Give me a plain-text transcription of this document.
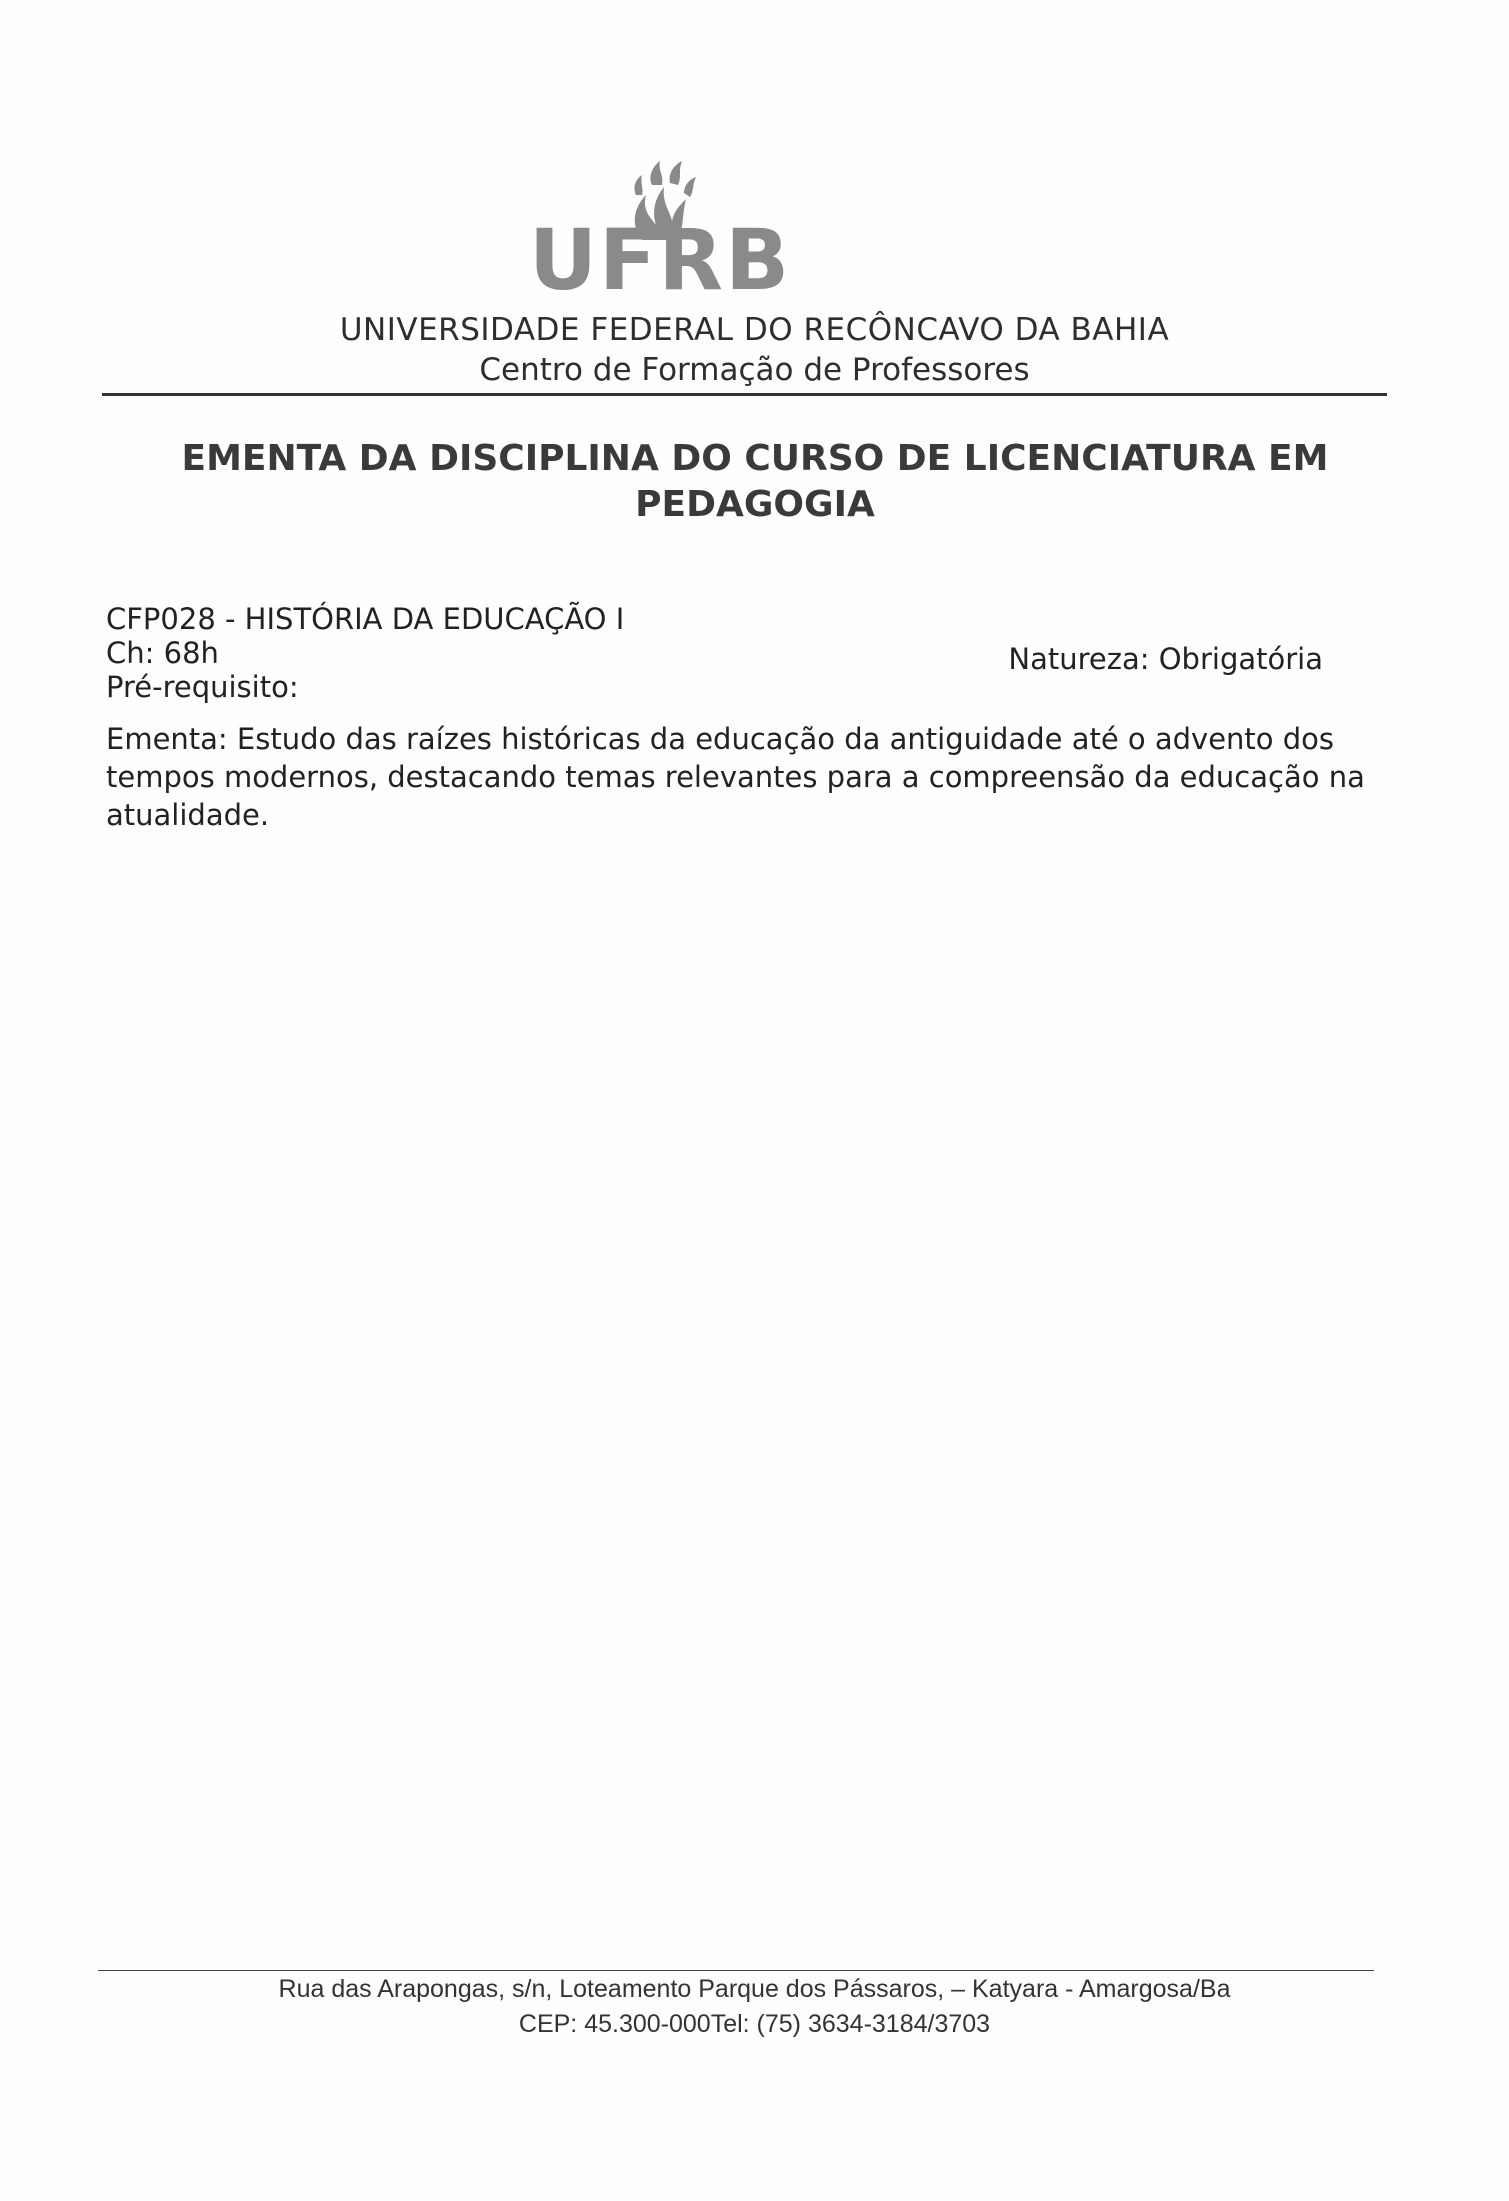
UFRB
UNIVERSIDADE FEDERAL DO RECÔNCAVO DA BAHIA
Centro de Formação de Professores
EMENTA DA DISCIPLINA DO CURSO DE LICENCIATURA EM
PEDAGOGIA
CFP028 - HISTÓRIA DA EDUCAÇÃO I
Ch: 68h	Natureza: Obrigatória
Pré-requisito:
Ementa: Estudo das raízes históricas da educação da antiguidade até o advento dos tempos modernos, destacando temas relevantes para a compreensão da educação na atualidade.
Rua das Arapongas, s/n, Loteamento Parque dos Pássaros, – Katyara - Amargosa/Ba
CEP: 45.300-000Tel: (75) 3634-3184/3703
